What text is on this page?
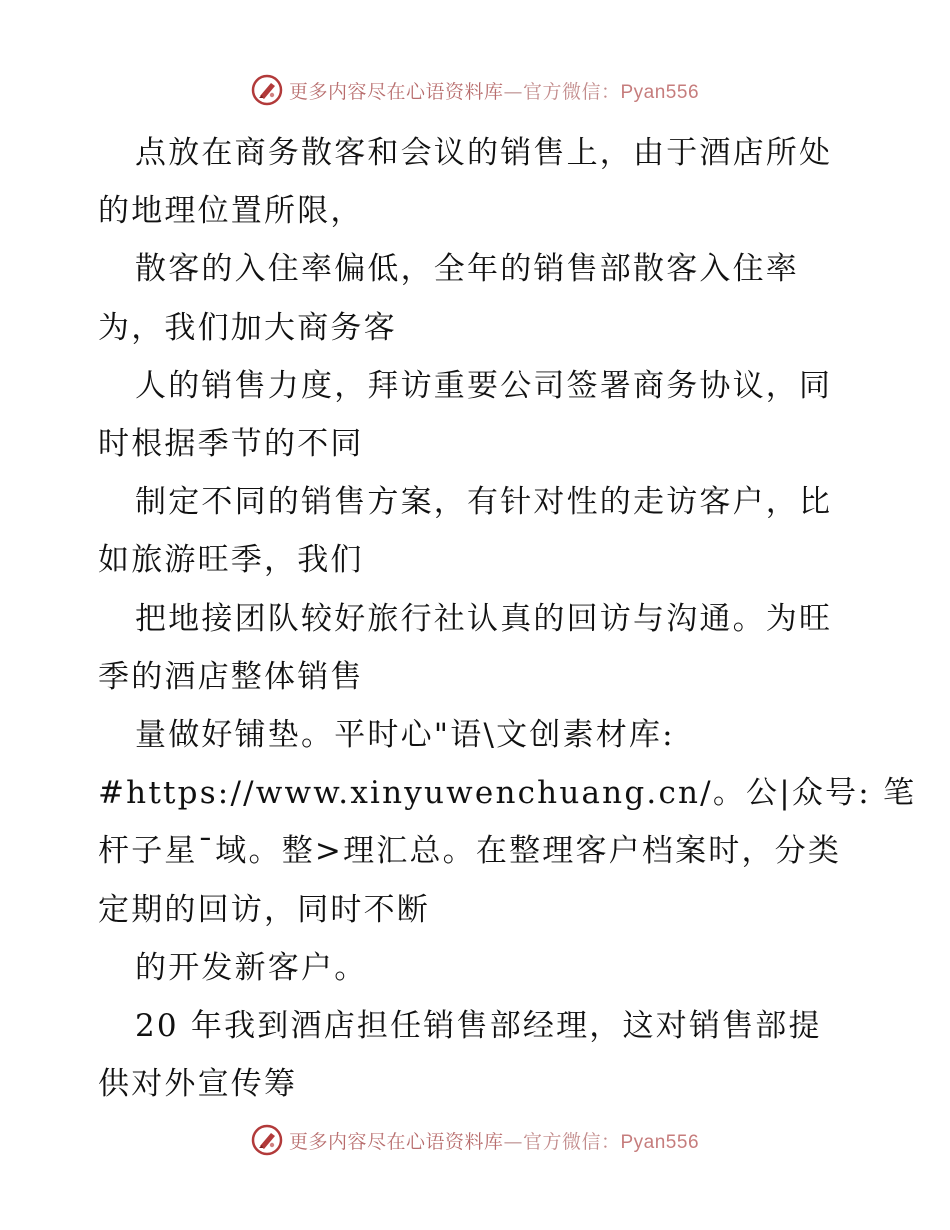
更多内容尽在心语资料库—官方微信：Pyan556
点放在商务散客和会议的销售上，由于酒店所处
的地理位置所限，
散客的入住率偏低，全年的销售部散客入住率
为，我们加大商务客
人的销售力度，拜访重要公司签署商务协议，同
时根据季节的不同
制定不同的销售方案，有针对性的走访客户，比
如旅游旺季，我们
把地接团队较好旅行社认真的回访与沟通。为旺
季的酒店整体销售
量做好铺垫。平时心"语\文创素材库:
#https://www.xinyuwenchuang.cn/。公|众号: 笔
杆子星¯域。整>理汇总。在整理客户档案时，分类
定期的回访，同时不断
的开发新客户。
20 年我到酒店担任销售部经理，这对销售部提
供对外宣传筹
更多内容尽在心语资料库—官方微信：Pyan556
